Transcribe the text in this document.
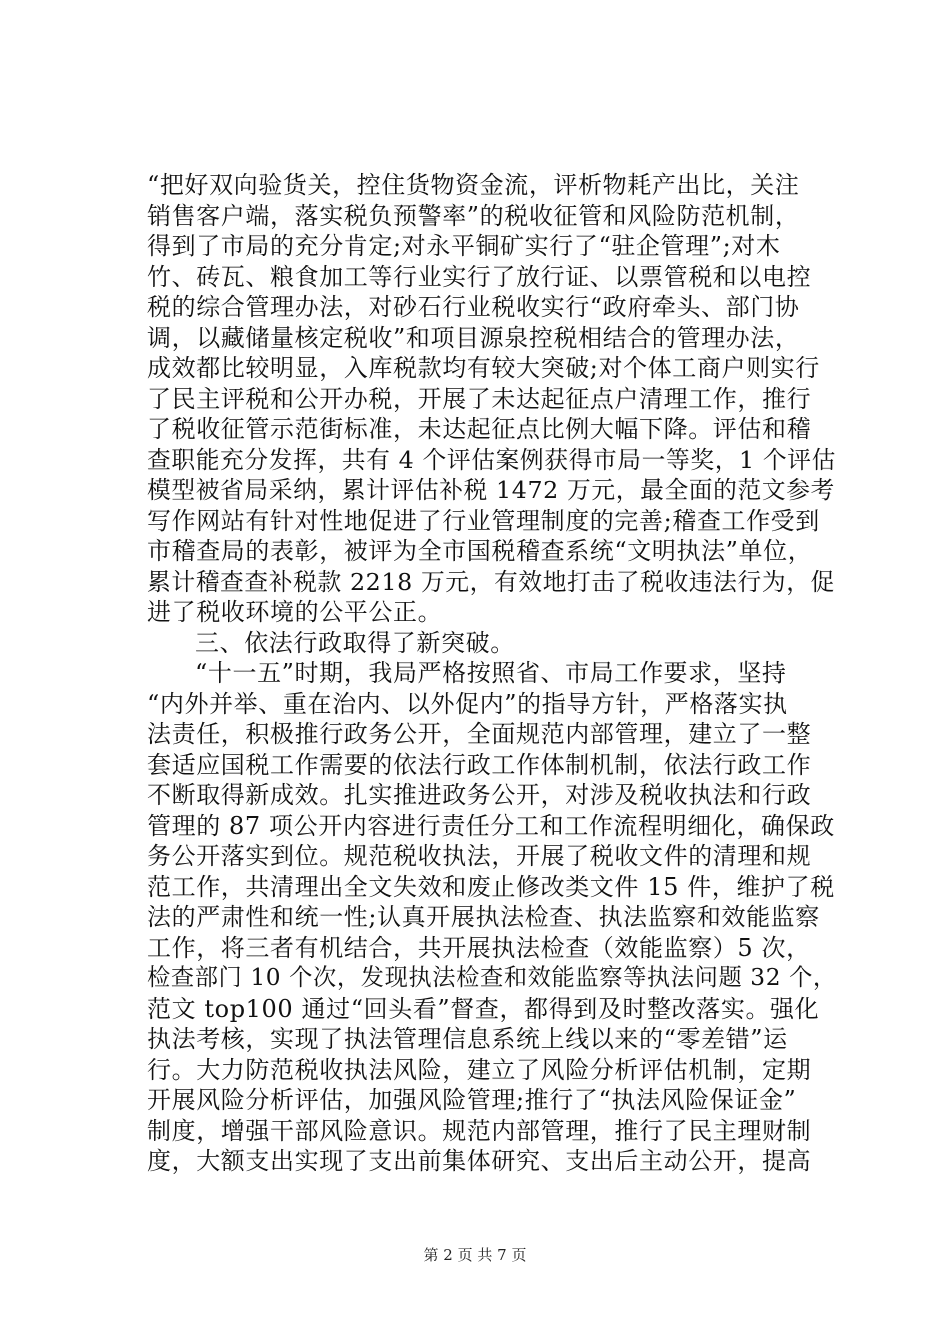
“把好双向验货关，控住货物资金流，评析物耗产出比，关注
销售客户端，落实税负预警率”的税收征管和风险防范机制，
得到了市局的充分肯定;对永平铜矿实行了“驻企管理”;对木
竹、砖瓦、粮食加工等行业实行了放行证、以票管税和以电控
税的综合管理办法，对砂石行业税收实行“政府牵头、部门协
调，以藏储量核定税收”和项目源泉控税相结合的管理办法，
成效都比较明显，入库税款均有较大突破;对个体工商户则实行
了民主评税和公开办税，开展了未达起征点户清理工作，推行
了税收征管示范街标准，未达起征点比例大幅下降。评估和稽
查职能充分发挥，共有 4 个评估案例获得市局一等奖，1 个评估
模型被省局采纳，累计评估补税 1472 万元，最全面的范文参考
写作网站有针对性地促进了行业管理制度的完善;稽查工作受到
市稽查局的表彰，被评为全市国税稽查系统“文明执法”单位，
累计稽查查补税款 2218 万元，有效地打击了税收违法行为，促
进了税收环境的公平公正。
三、依法行政取得了新突破。
“十一五”时期，我局严格按照省、市局工作要求，坚持
“内外并举、重在治内、以外促内”的指导方针，严格落实执
法责任，积极推行政务公开，全面规范内部管理，建立了一整
套适应国税工作需要的依法行政工作体制机制，依法行政工作
不断取得新成效。扎实推进政务公开，对涉及税收执法和行政
管理的 87 项公开内容进行责任分工和工作流程明细化，确保政
务公开落实到位。规范税收执法，开展了税收文件的清理和规
范工作，共清理出全文失效和废止修改类文件 15 件，维护了税
法的严肃性和统一性;认真开展执法检查、执法监察和效能监察
工作，将三者有机结合，共开展执法检查（效能监察）5 次，
检查部门 10 个次，发现执法检查和效能监察等执法问题 32 个，
范文 top100 通过“回头看”督查，都得到及时整改落实。强化
执法考核，实现了执法管理信息系统上线以来的“零差错”运
行。大力防范税收执法风险，建立了风险分析评估机制，定期
开展风险分析评估，加强风险管理;推行了“执法风险保证金”
制度，增强干部风险意识。规范内部管理，推行了民主理财制
度，大额支出实现了支出前集体研究、支出后主动公开，提高
第 2 页 共 7 页
